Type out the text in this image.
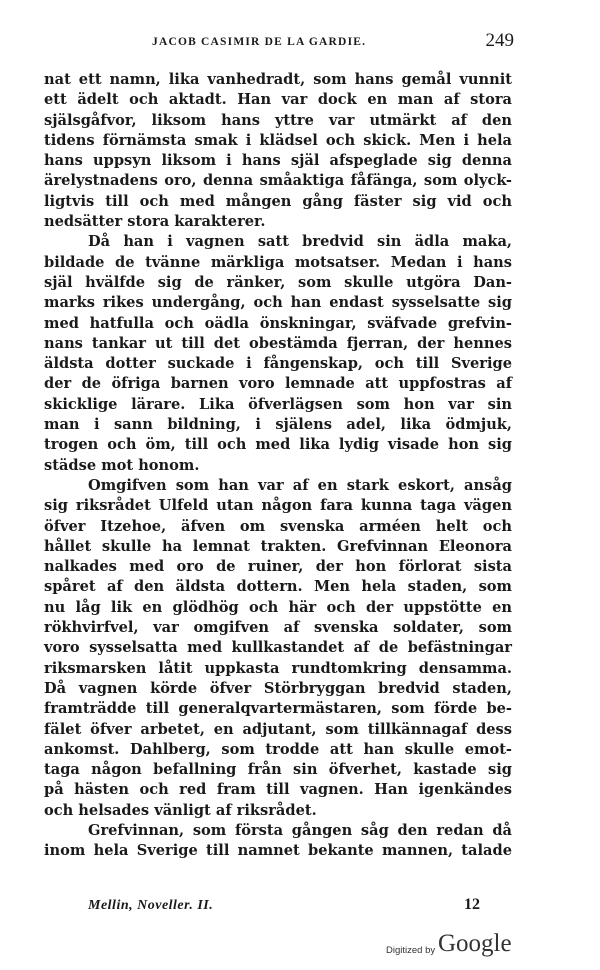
JACOB CASIMIR DE LA GARDIE.	249
nat ett namn, lika vanhedradt, som hans gemål vunnit
ett ädelt och aktadt. Han var dock en man af stora
själsgåfvor, liksom hans yttre var utmärkt af den
tidens förnämsta smak i klädsel och skick. Men i hela
hans uppsyn liksom i hans själ afspeglade sig denna
ärelystnadens oro, denna småaktiga fåfänga, som olyck-
ligtvis till och med mången gång fäster sig vid och
nedsätter stora karakterer.
Då han i vagnen satt bredvid sin ädla maka,
bildade de tvänne märkliga motsatser. Medan i hans
själ hvälfde sig de ränker, som skulle utgöra Dan-
marks rikes undergång, och han endast sysselsatte sig
med hatfulla och oädla önskningar, sväfvade grefvin-
nans tankar ut till det obestämda fjerran, der hennes
äldsta dotter suckade i fångenskap, och till Sverige
der de öfriga barnen voro lemnade att uppfostras af
skicklige lärare. Lika öfverlägsen som hon var sin
man i sann bildning, i själens adel, lika ödmjuk,
trogen och öm, till och med lika lydig visade hon sig
städse mot honom.
Omgifven som han var af en stark eskort, ansåg
sig riksrådet Ulfeld utan någon fara kunna taga vägen
öfver Itzehoe, äfven om svenska arméen helt och
hållet skulle ha lemnat trakten. Grefvinnan Eleonora
nalkades med oro de ruiner, der hon förlorat sista
spåret af den äldsta dottern. Men hela staden, som
nu låg lik en glödhög och här och der uppstötte en
rökhvirfvel, var omgifven af svenska soldater, som
voro sysselsatta med kullkastandet af de befästningar
riksmarsken låtit uppkasta rundtomkring densamma.
Då vagnen körde öfver Störbryggan bredvid staden,
framträdde till generalqvartermästaren, som förde be-
fälet öfver arbetet, en adjutant, som tillkännagaf dess
ankomst. Dahlberg, som trodde att han skulle emot-
taga någon befallning från sin öfverhet, kastade sig
på hästen och red fram till vagnen. Han igenkändes
och helsades vänligt af riksrådet.
Grefvinnan, som första gången såg den redan då
inom hela Sverige till namnet bekante mannen, talade
Mellin, Noveller. II.	12
Digitized by Google
